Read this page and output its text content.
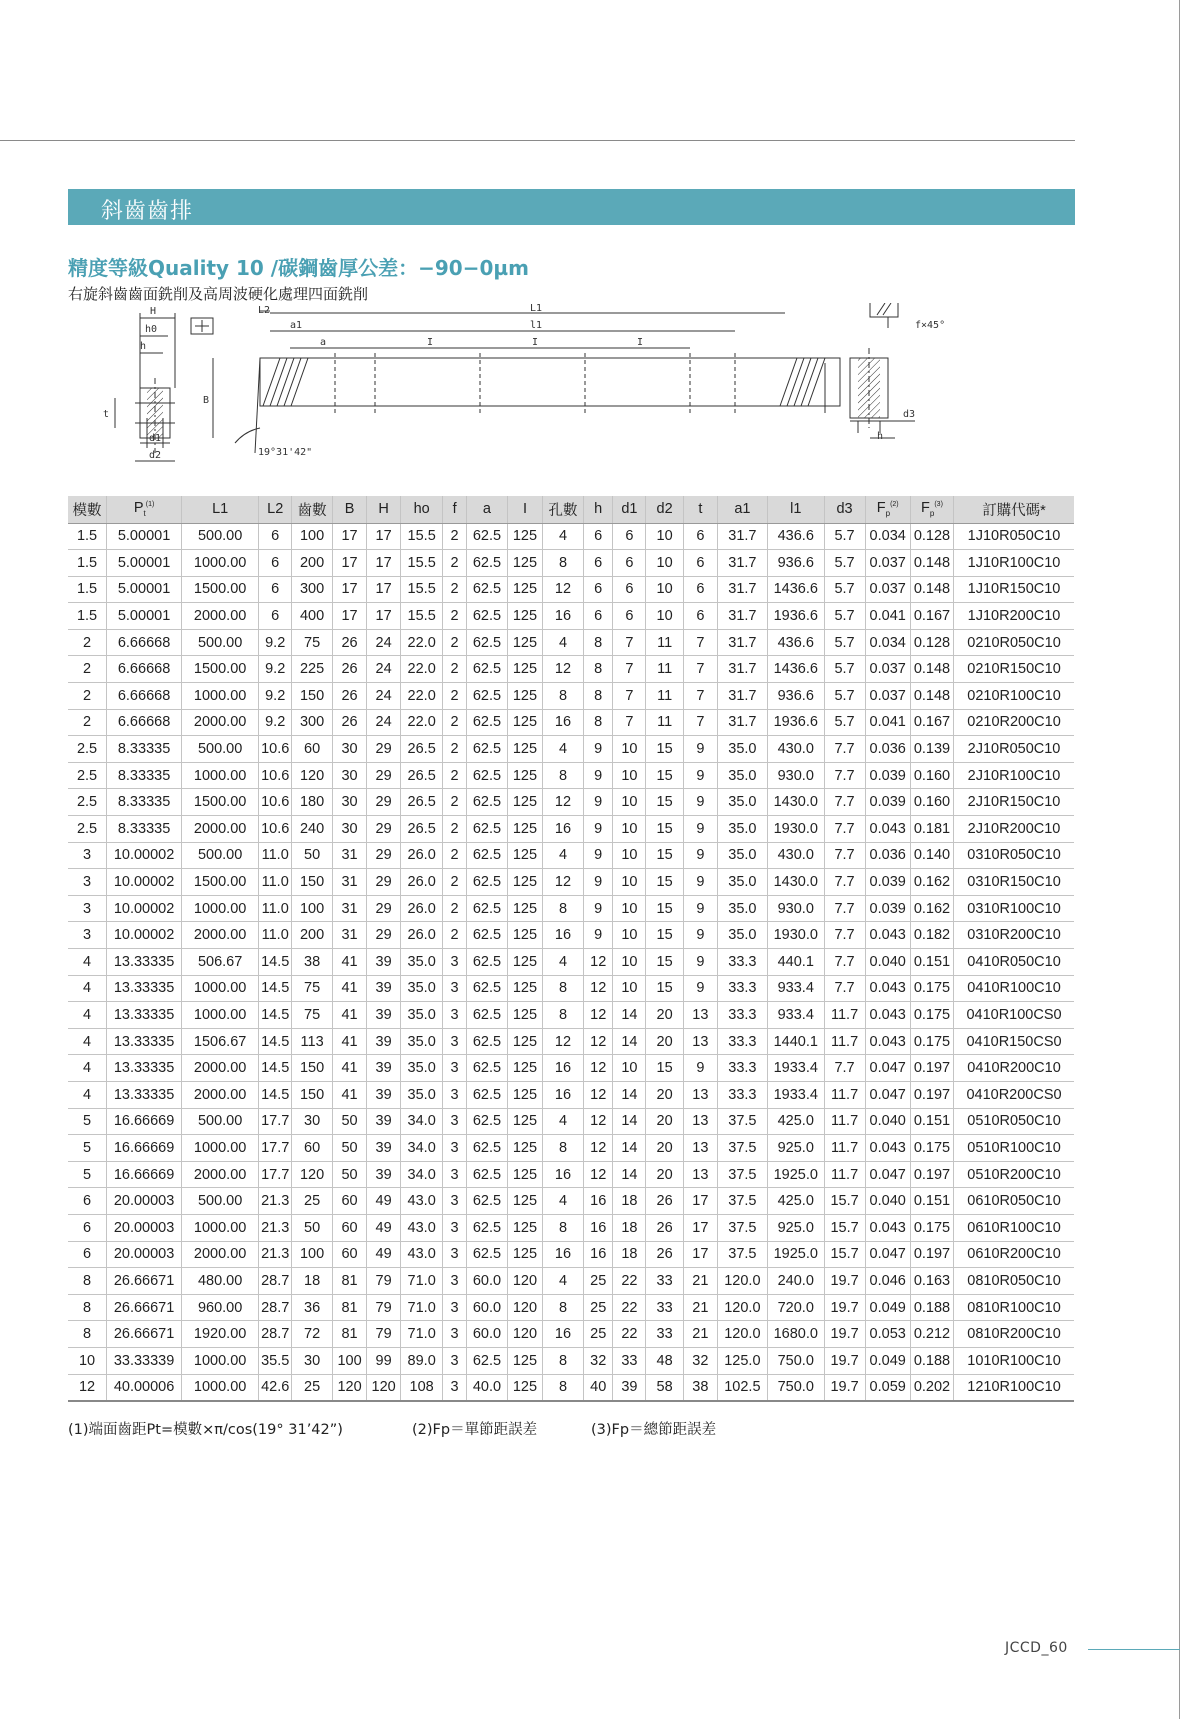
斜齒齒排
精度等級Quality 10 /碳鋼齒厚公差：−90−0µm
右旋斜齒齒面銑削及高周波硬化處理四面銑削
H
h0
h
t
B
d1
d2
L2
a1
a	I	I	I
L1
l1
19°31'42"
f×45°
d3
h
模數	$P_t^{(1)}$	L1	L2	齒數	B	H	ho	f	a	I	孔數	h	d1	d2	t	a1	l1	d3	$F_p^{(2)}$	$F_p^{(3)}$	訂購代碼*
1.5	5.00001	500.00	6	100	17	17	15.5	2	62.5	125	4	6	6	10	6	31.7	436.6	5.7	0.034	0.128	1J10R050C10
1.5	5.00001	1000.00	6	200	17	17	15.5	2	62.5	125	8	6	6	10	6	31.7	936.6	5.7	0.037	0.148	1J10R100C10
1.5	5.00001	1500.00	6	300	17	17	15.5	2	62.5	125	12	6	6	10	6	31.7	1436.6	5.7	0.037	0.148	1J10R150C10
1.5	5.00001	2000.00	6	400	17	17	15.5	2	62.5	125	16	6	6	10	6	31.7	1936.6	5.7	0.041	0.167	1J10R200C10
2	6.66668	500.00	9.2	75	26	24	22.0	2	62.5	125	4	8	7	11	7	31.7	436.6	5.7	0.034	0.128	0210R050C10
2	6.66668	1500.00	9.2	225	26	24	22.0	2	62.5	125	12	8	7	11	7	31.7	1436.6	5.7	0.037	0.148	0210R150C10
2	6.66668	1000.00	9.2	150	26	24	22.0	2	62.5	125	8	8	7	11	7	31.7	936.6	5.7	0.037	0.148	0210R100C10
2	6.66668	2000.00	9.2	300	26	24	22.0	2	62.5	125	16	8	7	11	7	31.7	1936.6	5.7	0.041	0.167	0210R200C10
2.5	8.33335	500.00	10.6	60	30	29	26.5	2	62.5	125	4	9	10	15	9	35.0	430.0	7.7	0.036	0.139	2J10R050C10
2.5	8.33335	1000.00	10.6	120	30	29	26.5	2	62.5	125	8	9	10	15	9	35.0	930.0	7.7	0.039	0.160	2J10R100C10
2.5	8.33335	1500.00	10.6	180	30	29	26.5	2	62.5	125	12	9	10	15	9	35.0	1430.0	7.7	0.039	0.160	2J10R150C10
2.5	8.33335	2000.00	10.6	240	30	29	26.5	2	62.5	125	16	9	10	15	9	35.0	1930.0	7.7	0.043	0.181	2J10R200C10
3	10.00002	500.00	11.0	50	31	29	26.0	2	62.5	125	4	9	10	15	9	35.0	430.0	7.7	0.036	0.140	0310R050C10
3	10.00002	1500.00	11.0	150	31	29	26.0	2	62.5	125	12	9	10	15	9	35.0	1430.0	7.7	0.039	0.162	0310R150C10
3	10.00002	1000.00	11.0	100	31	29	26.0	2	62.5	125	8	9	10	15	9	35.0	930.0	7.7	0.039	0.162	0310R100C10
3	10.00002	2000.00	11.0	200	31	29	26.0	2	62.5	125	16	9	10	15	9	35.0	1930.0	7.7	0.043	0.182	0310R200C10
4	13.33335	506.67	14.5	38	41	39	35.0	3	62.5	125	4	12	10	15	9	33.3	440.1	7.7	0.040	0.151	0410R050C10
4	13.33335	1000.00	14.5	75	41	39	35.0	3	62.5	125	8	12	10	15	9	33.3	933.4	7.7	0.043	0.175	0410R100C10
4	13.33335	1000.00	14.5	75	41	39	35.0	3	62.5	125	8	12	14	20	13	33.3	933.4	11.7	0.043	0.175	0410R100CS0
4	13.33335	1506.67	14.5	113	41	39	35.0	3	62.5	125	12	12	14	20	13	33.3	1440.1	11.7	0.043	0.175	0410R150CS0
4	13.33335	2000.00	14.5	150	41	39	35.0	3	62.5	125	16	12	10	15	9	33.3	1933.4	7.7	0.047	0.197	0410R200C10
4	13.33335	2000.00	14.5	150	41	39	35.0	3	62.5	125	16	12	14	20	13	33.3	1933.4	11.7	0.047	0.197	0410R200CS0
5	16.66669	500.00	17.7	30	50	39	34.0	3	62.5	125	4	12	14	20	13	37.5	425.0	11.7	0.040	0.151	0510R050C10
5	16.66669	1000.00	17.7	60	50	39	34.0	3	62.5	125	8	12	14	20	13	37.5	925.0	11.7	0.043	0.175	0510R100C10
5	16.66669	2000.00	17.7	120	50	39	34.0	3	62.5	125	16	12	14	20	13	37.5	1925.0	11.7	0.047	0.197	0510R200C10
6	20.00003	500.00	21.3	25	60	49	43.0	3	62.5	125	4	16	18	26	17	37.5	425.0	15.7	0.040	0.151	0610R050C10
6	20.00003	1000.00	21.3	50	60	49	43.0	3	62.5	125	8	16	18	26	17	37.5	925.0	15.7	0.043	0.175	0610R100C10
6	20.00003	2000.00	21.3	100	60	49	43.0	3	62.5	125	16	16	18	26	17	37.5	1925.0	15.7	0.047	0.197	0610R200C10
8	26.66671	480.00	28.7	18	81	79	71.0	3	60.0	120	4	25	22	33	21	120.0	240.0	19.7	0.046	0.163	0810R050C10
8	26.66671	960.00	28.7	36	81	79	71.0	3	60.0	120	8	25	22	33	21	120.0	720.0	19.7	0.049	0.188	0810R100C10
8	26.66671	1920.00	28.7	72	81	79	71.0	3	60.0	120	16	25	22	33	21	120.0	1680.0	19.7	0.053	0.212	0810R200C10
10	33.33339	1000.00	35.5	30	100	99	89.0	3	62.5	125	8	32	33	48	32	125.0	750.0	19.7	0.049	0.188	1010R100C10
12	40.00006	1000.00	42.6	25	120	120	108	3	40.0	125	8	40	39	58	38	102.5	750.0	19.7	0.059	0.202	1210R100C10
(1)端面齒距Pt=模數×π/cos(19° 31’42”)	(2)Fp＝單節距誤差	(3)Fp＝總節距誤差
JCCD_60
